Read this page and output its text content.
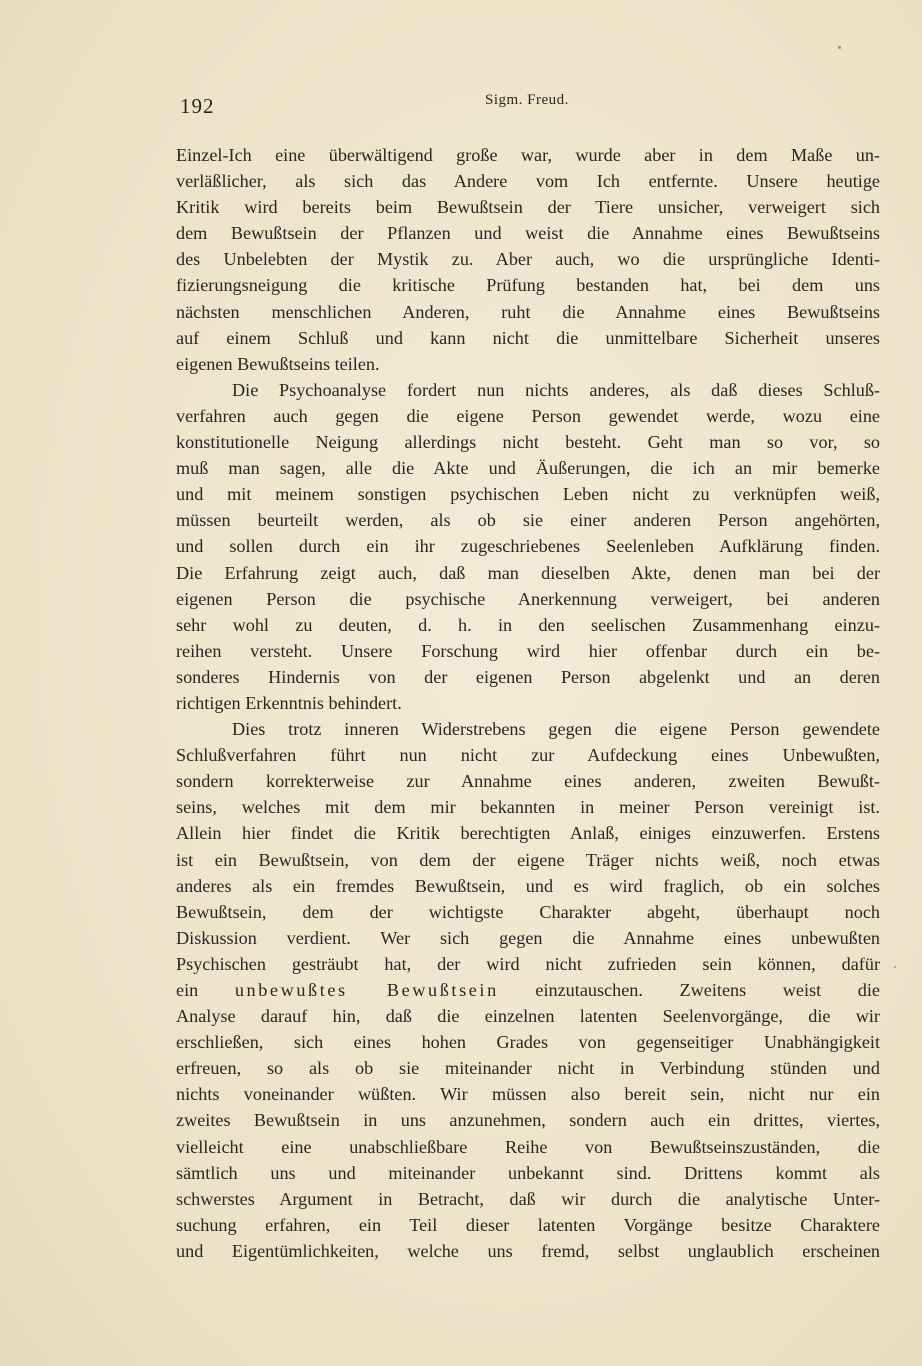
192	Sigm. Freud.
Einzel-Ich eine überwältigend große war, wurde aber in dem Maße un-
verläßlicher, als sich das Andere vom Ich entfernte. Unsere heutige
Kritik wird bereits beim Bewußtsein der Tiere unsicher, verweigert sich
dem Bewußtsein der Pflanzen und weist die Annahme eines Bewußtseins
des Unbelebten der Mystik zu. Aber auch, wo die ursprüngliche Identi-
fizierungsneigung die kritische Prüfung bestanden hat, bei dem uns
nächsten menschlichen Anderen, ruht die Annahme eines Bewußtseins
auf einem Schluß und kann nicht die unmittelbare Sicherheit unseres
eigenen Bewußtseins teilen.
Die Psychoanalyse fordert nun nichts anderes, als daß dieses Schluß-
verfahren auch gegen die eigene Person gewendet werde, wozu eine
konstitutionelle Neigung allerdings nicht besteht. Geht man so vor, so
muß man sagen, alle die Akte und Äußerungen, die ich an mir bemerke
und mit meinem sonstigen psychischen Leben nicht zu verknüpfen weiß,
müssen beurteilt werden, als ob sie einer anderen Person angehörten,
und sollen durch ein ihr zugeschriebenes Seelenleben Aufklärung finden.
Die Erfahrung zeigt auch, daß man dieselben Akte, denen man bei der
eigenen Person die psychische Anerkennung verweigert, bei anderen
sehr wohl zu deuten, d. h. in den seelischen Zusammenhang einzu-
reihen versteht. Unsere Forschung wird hier offenbar durch ein be-
sonderes Hindernis von der eigenen Person abgelenkt und an deren
richtigen Erkenntnis behindert.
Dies trotz inneren Widerstrebens gegen die eigene Person gewendete
Schlußverfahren führt nun nicht zur Aufdeckung eines Unbewußten,
sondern korrekterweise zur Annahme eines anderen, zweiten Bewußt-
seins, welches mit dem mir bekannten in meiner Person vereinigt ist.
Allein hier findet die Kritik berechtigten Anlaß, einiges einzuwerfen. Erstens
ist ein Bewußtsein, von dem der eigene Träger nichts weiß, noch etwas
anderes als ein fremdes Bewußtsein, und es wird fraglich, ob ein solches
Bewußtsein, dem der wichtigste Charakter abgeht, überhaupt noch
Diskussion verdient. Wer sich gegen die Annahme eines unbewußten
Psychischen gesträubt hat, der wird nicht zufrieden sein können, dafür
ein unbewußtes Bewußtsein einzutauschen. Zweitens weist die
Analyse darauf hin, daß die einzelnen latenten Seelenvorgänge, die wir
erschließen, sich eines hohen Grades von gegenseitiger Unabhängigkeit
erfreuen, so als ob sie miteinander nicht in Verbindung stünden und
nichts voneinander wüßten. Wir müssen also bereit sein, nicht nur ein
zweites Bewußtsein in uns anzunehmen, sondern auch ein drittes, viertes,
vielleicht eine unabschließbare Reihe von Bewußtseinszuständen, die
sämtlich uns und miteinander unbekannt sind. Drittens kommt als
schwerstes Argument in Betracht, daß wir durch die analytische Unter-
suchung erfahren, ein Teil dieser latenten Vorgänge besitze Charaktere
und Eigentümlichkeiten, welche uns fremd, selbst unglaublich erscheinen
